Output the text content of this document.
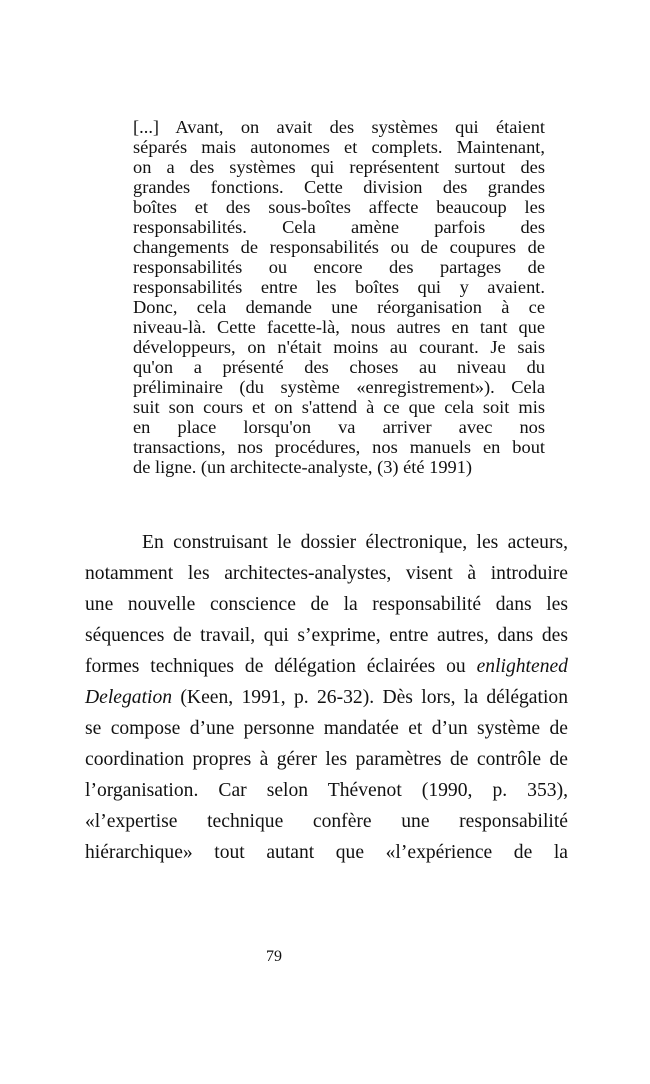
[...] Avant, on avait des systèmes qui étaient
séparés mais autonomes et complets. Maintenant,
on a des systèmes qui représentent surtout des
grandes fonctions. Cette division des grandes
boîtes et des sous-boîtes affecte beaucoup les
responsabilités. Cela amène parfois des
changements de responsabilités ou de coupures de
responsabilités ou encore des partages de
responsabilités entre les boîtes qui y avaient.
Donc, cela demande une réorganisation à ce
niveau-là. Cette facette-là, nous autres en tant que
développeurs, on n'était moins au courant. Je sais
qu'on a présenté des choses au niveau du
préliminaire (du système «enregistrement»). Cela
suit son cours et on s'attend à ce que cela soit mis
en place lorsqu'on va arriver avec nos
transactions, nos procédures, nos manuels en bout
de ligne. (un architecte-analyste, (3) été 1991)
En construisant le dossier électronique, les acteurs,
notamment les architectes-analystes, visent à introduire
une nouvelle conscience de la responsabilité dans les
séquences de travail, qui s’exprime, entre autres, dans des
formes techniques de délégation éclairées ou enlightened
Delegation (Keen, 1991, p. 26-32). Dès lors, la délégation
se compose d’une personne mandatée et d’un système de
coordination propres à gérer les paramètres de contrôle de
l’organisation. Car selon Thévenot (1990, p. 353),
«l’expertise technique confère une responsabilité
hiérarchique» tout autant que «l’expérience de la
79
